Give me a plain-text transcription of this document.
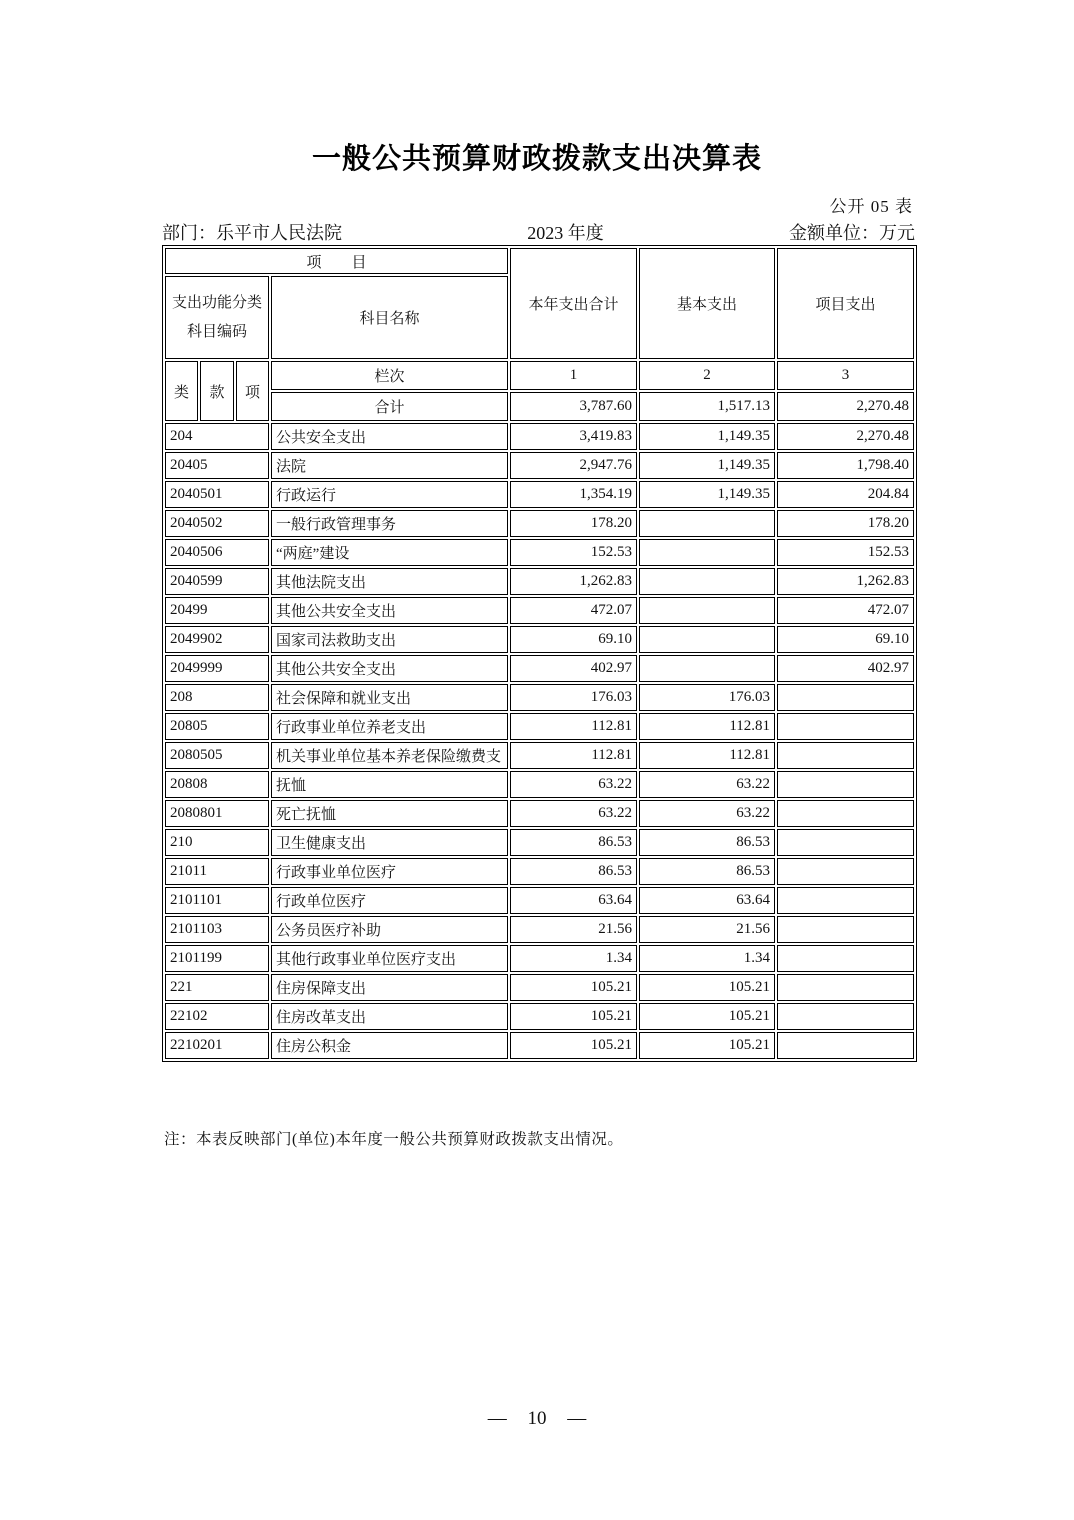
一般公共预算财政拨款支出决算表
公开 05 表
部门：乐平市人民法院	2023 年度	金额单位：万元
项　　目				本年支出合计	基本支出	项目支出

支出功能分类
科目编码			科目名称			
类	款	项	栏次	1	2	3
			合计	3,787.60	1,517.13	2,270.48
204			公共安全支出	3,419.83	1,149.35	2,270.48
20405			法院	2,947.76	1,149.35	1,798.40
2040501			行政运行	1,354.19	1,149.35	204.84
2040502			一般行政管理事务	178.20		178.20
2040506			“两庭”建设	152.53		152.53
2040599			其他法院支出	1,262.83		1,262.83
20499			其他公共安全支出	472.07		472.07
2049902			国家司法救助支出	69.10		69.10
2049999			其他公共安全支出	402.97		402.97
208			社会保障和就业支出	176.03	176.03	
20805			行政事业单位养老支出	112.81	112.81	
2080505			机关事业单位基本养老保险缴费支	112.81	112.81	
20808			抚恤	63.22	63.22	
2080801			死亡抚恤	63.22	63.22	
210			卫生健康支出	86.53	86.53	
21011			行政事业单位医疗	86.53	86.53	
2101101			行政单位医疗	63.64	63.64	
2101103			公务员医疗补助	21.56	21.56	
2101199			其他行政事业单位医疗支出	1.34	1.34	
221			住房保障支出	105.21	105.21	
22102			住房改革支出	105.21	105.21	
2210201			住房公积金	105.21	105.21	
注：本表反映部门(单位)本年度一般公共预算财政拨款支出情况。
— 10 —
